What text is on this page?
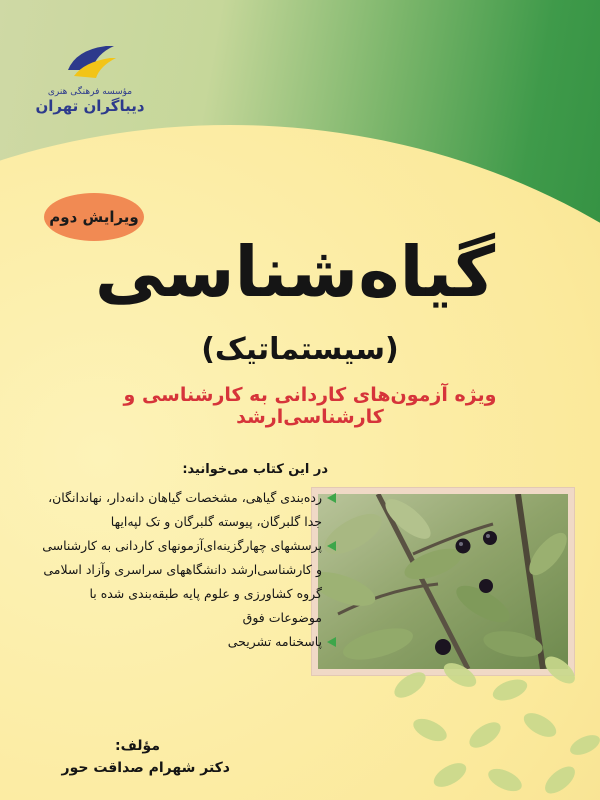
مؤسسه فرهنگی هنری
دیباگران تهران
ویرایش دوم
گیاه‌شناسی
(سیستماتیک)
ویژه آزمون‌های کاردانی به کارشناسی و کارشناسی‌ارشد
در این کتاب می‌خوانید:
رده‌بندی گیاهی، مشخصات گیاهان دانه‌دار، نهاندانگان، جدا گلبرگان، پیوسته گلبرگان و تک لپه‌ایها
پرسشهای چهارگزینه‌ای‌آزمونهای کاردانی به کارشناسی و کارشناسی‌ارشد دانشگاههای سراسری و‌آزاد اسلامی گروه کشاورزی و علوم پایه طبقه‌بندی شده با موضوعات فوق
پاسخنامه تشریحی
مؤلف:
دکتر شهرام صداقت حور
